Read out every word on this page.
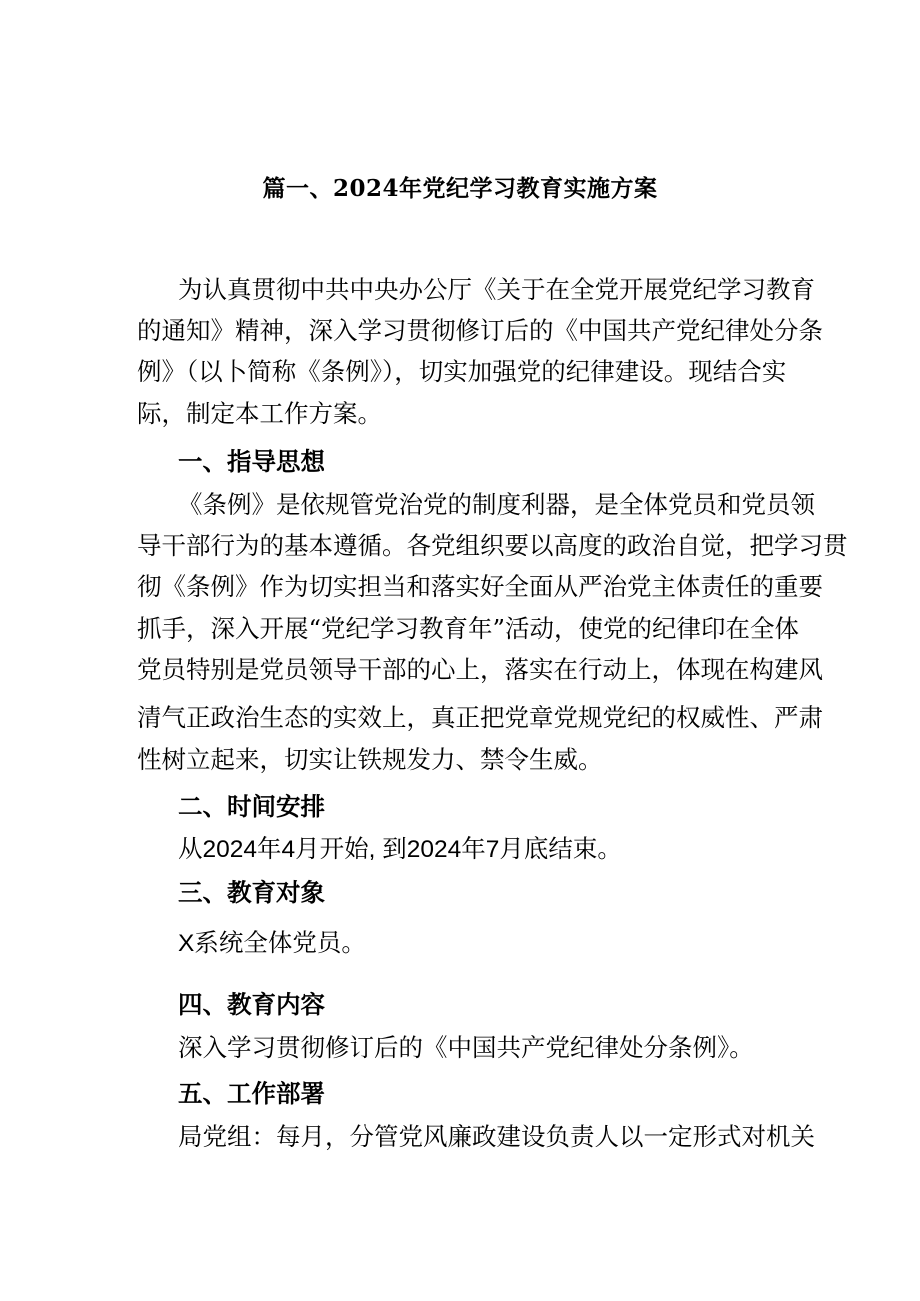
篇一、2024年党纪学习教育实施方案
为认真贯彻中共中央办公厅《关于在全党开展党纪学习教育
的通知》精神，深入学习贯彻修订后的《中国共产党纪律处分条
例》（以卜简称《条例》），切实加强党的纪律建设。现结合实
际，制定本工作方案。
一、指导思想
《条例》是依规管党治党的制度利器，是全体党员和党员领
导干部行为的基本遵循。各党组织要以高度的政治自觉，把学习贯
彻《条例》作为切实担当和落实好全面从严治党主体责任的重要
抓手，深入开展“党纪学习教育年”活动，使党的纪律印在全体
党员特别是党员领导干部的心上，落实在行动上，体现在构建风
清气正政治生态的实效上，真正把党章党规党纪的权威性、严肃
性树立起来，切实让铁规发力、禁令生威。
二、时间安排
从2024年4月开始, 到2024年7月底结束。
三、教育对象
X系统全体党员。
四、教育内容
深入学习贯彻修订后的《中国共产党纪律处分条例》。
五、工作部署
局党组：每月，分管党风廉政建设负责人以一定形式对机关
